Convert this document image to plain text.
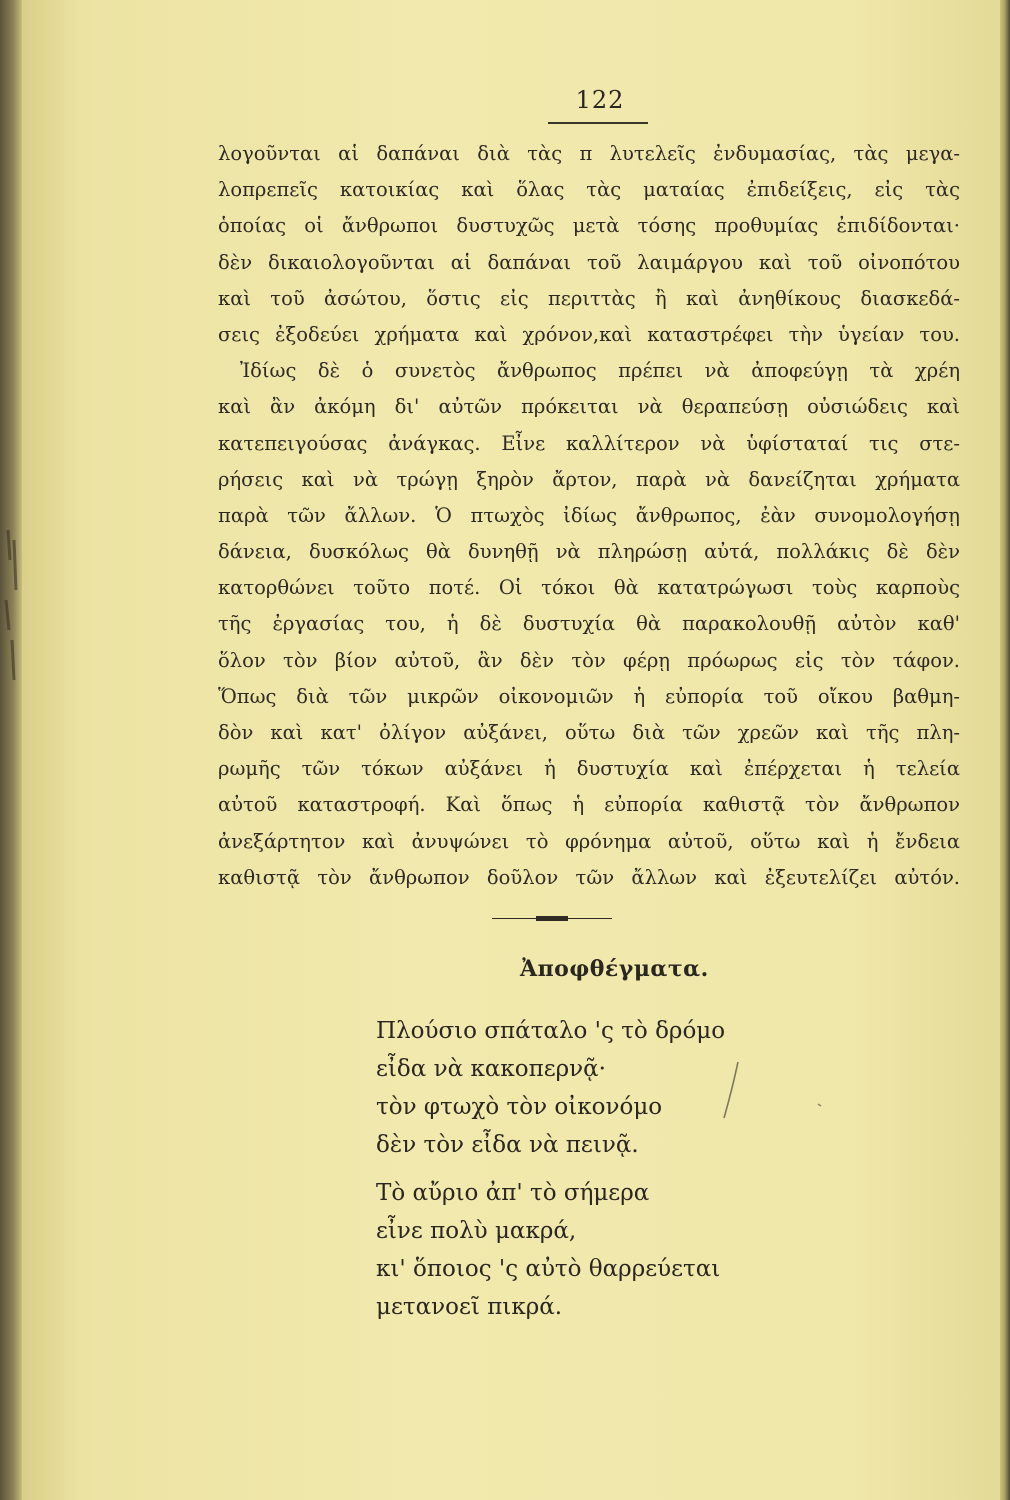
122
λογοῦνται αἱ δαπάναι διὰ τὰς π λυτελεῖς ἐνδυμασίας, τὰς μεγα-
λοπρεπεῖς κατοικίας καὶ ὅλας τὰς ματαίας ἐπιδείξεις, εἰς τὰς
ὁποίας οἱ ἄνθρωποι δυστυχῶς μετὰ τόσης προθυμίας ἐπιδίδονται·
δὲν δικαιολογοῦνται αἱ δαπάναι τοῦ λαιμάργου καὶ τοῦ οἰνοπότου
καὶ τοῦ ἀσώτου, ὅστις εἰς περιττὰς ἢ καὶ ἀνηθίκους διασκεδά-
σεις ἐξοδεύει χρήματα καὶ χρόνον,καὶ καταστρέφει τὴν ὑγείαν του.
Ἰδίως δὲ ὁ συνετὸς ἄνθρωπος πρέπει νὰ ἀποφεύγῃ τὰ χρέη
καὶ ἂν ἀκόμη δι' αὐτῶν πρόκειται νὰ θεραπεύσῃ οὐσιώδεις καὶ
κατεπειγούσας ἀνάγκας. Εἶνε καλλίτερον νὰ ὑφίσταταί τις στε-
ρήσεις καὶ νὰ τρώγῃ ξηρὸν ἄρτον, παρὰ νὰ δανείζηται χρήματα
παρὰ τῶν ἄλλων. Ὁ πτωχὸς ἰδίως ἄνθρωπος, ἐὰν συνομολογήσῃ
δάνεια, δυσκόλως θὰ δυνηθῇ νὰ πληρώσῃ αὐτά, πολλάκις δὲ δὲν
κατορθώνει τοῦτο ποτέ. Οἱ τόκοι θὰ κατατρώγωσι τοὺς καρποὺς
τῆς ἐργασίας του, ἡ δὲ δυστυχία θὰ παρακολουθῇ αὐτὸν καθ'
ὅλον τὸν βίον αὐτοῦ, ἂν δὲν τὸν φέρῃ πρόωρως εἰς τὸν τάφον.
Ὅπως διὰ τῶν μικρῶν οἰκονομιῶν ἡ εὐπορία τοῦ οἴκου βαθμη-
δὸν καὶ κατ' ὀλίγον αὐξάνει, οὕτω διὰ τῶν χρεῶν καὶ τῆς πλη-
ρωμῆς τῶν τόκων αὐξάνει ἡ δυστυχία καὶ ἐπέρχεται ἡ τελεία
αὐτοῦ καταστροφή. Καὶ ὅπως ἡ εὐπορία καθιστᾷ τὸν ἄνθρωπον
ἀνεξάρτητον καὶ ἀνυψώνει τὸ φρόνημα αὐτοῦ, οὕτω καὶ ἡ ἔνδεια
καθιστᾷ τὸν ἄνθρωπον δοῦλον τῶν ἄλλων καὶ ἐξευτελίζει αὐτόν.
Ἀποφθέγματα.
Πλούσιο σπάταλο 'ς τὸ δρόμο
εἶδα νὰ κακοπερνᾷ·
τὸν φτωχὸ τὸν οἰκονόμο
δὲν τὸν εἶδα νὰ πεινᾷ.
Τὸ αὔριο ἀπ' τὸ σήμερα
εἶνε πολὺ μακρά,
κι' ὅποιος 'ς αὐτὸ θαρρεύεται
μετανοεῖ πικρά.
